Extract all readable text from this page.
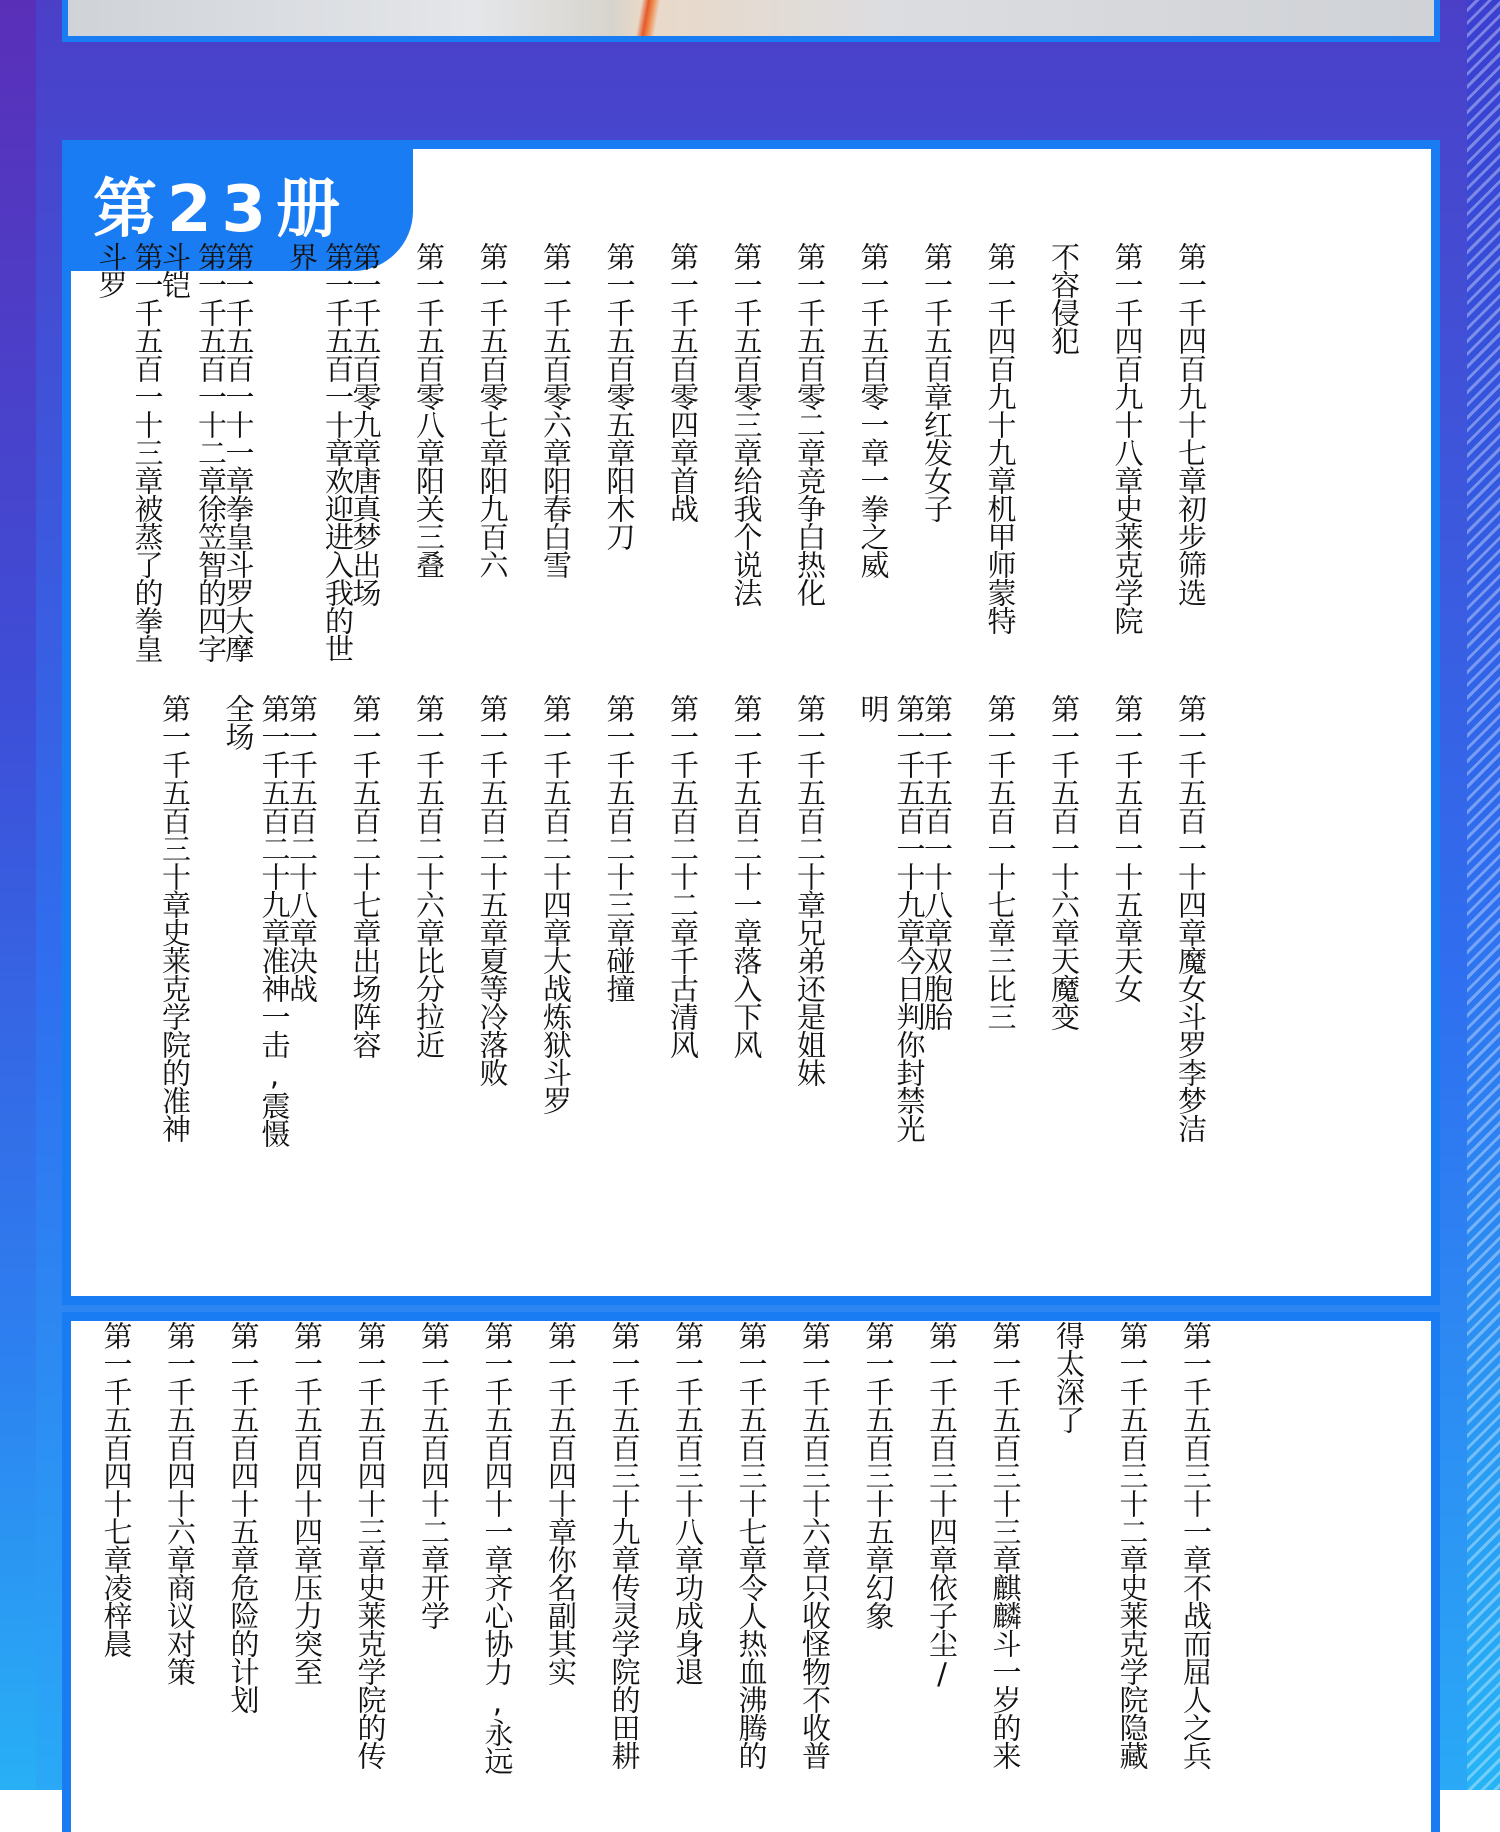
第23册
第一千四百九十七章初步筛选
第一千四百九十八章史莱克学院
不容侵犯
第一千四百九十九章机甲师蒙特
第一千五百章红发女子
第一千五百零一章一拳之威
第一千五百零二章竞争白热化
第一千五百零三章给我个说法
第一千五百零四章首战
第一千五百零五章阳木刀
第一千五百零六章阳春白雪
第一千五百零七章阳九百六
第一千五百零八章阳关三叠
第一千五百零九章唐真梦出场
第一千五百一十章欢迎进入我的世界
第一千五百一十一章拳皇斗罗大摩
第一千五百一十二章徐笠智的四字斗铠
第一千五百一十三章被蒸了的拳皇斗罗
第一千五百一十四章魔女斗罗李梦洁
第一千五百一十五章天女
第一千五百一十六章天魔变
第一千五百一十七章三比三
第一千五百一十八章双胞胎
第一千五百一十九章今日判你封禁光明
第一千五百二十章兄弟还是姐妹
第一千五百二十一章落入下风
第一千五百二十二章千古清风
第一千五百二十三章碰撞
第一千五百二十四章大战炼狱斗罗
第一千五百二十五章夏等冷落败
第一千五百二十六章比分拉近
第一千五百二十七章出场阵容
第一千五百二十八章决战
第一千五百二十九章准神一击,震慑全场
第一千五百三十章史莱克学院的准神
第一千五百三十一章不战而屈人之兵
第一千五百三十二章史莱克学院隐藏
得太深了
第一千五百三十三章麒麟斗一岁的来
第一千五百三十四章依子尘/
第一千五百三十五章幻象
第一千五百三十六章只收怪物不收普
第一千五百三十七章令人热血沸腾的
第一千五百三十八章功成身退
第一千五百三十九章传灵学院的田耕
第一千五百四十章你名副其实
第一千五百四十一章齐心协力,永远
第一千五百四十二章开学
第一千五百四十三章史莱克学院的传
第一千五百四十四章压力突至
第一千五百四十五章危险的计划
第一千五百四十六章商议对策
第一千五百四十七章凌梓晨
